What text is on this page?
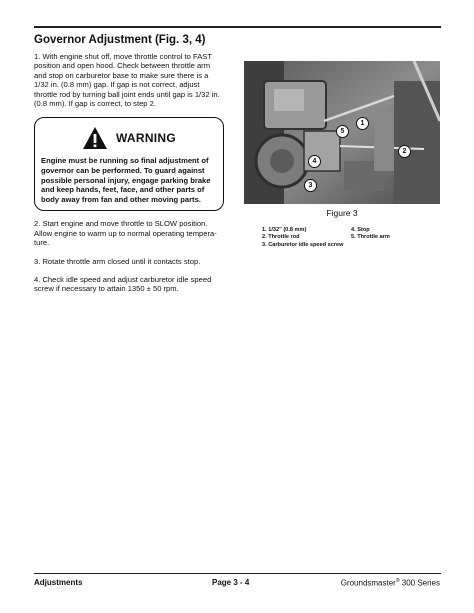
Governor Adjustment (Fig. 3, 4)

1. With engine shut off, move throttle control to FAST position and open hood. Check between throttle arm and stop on carburetor base to make sure there is a 1/32 in. (0.8 mm) gap. If gap is not correct, adjust throttle rod by turning ball joint ends until gap is 1/32 in. (0.8 mm). If gap is correct, to step 2.

WARNING
Engine must be running so final adjustment of governor can be performed. To guard against possible personal injury, engage parking brake and keep hands, feet, face, and other parts of body away from fan and other moving parts.

2. Start engine and move throttle to SLOW position. Allow engine to warm up to normal operating tempera-ture.

3. Rotate throttle arm closed until it contacts stop.

4. Check idle speed and adjust carburetor idle speed screw if necessary to attain 1350 ± 50 rpm.

1
2
3
4
5
Figure 3
1. 1/32" (0.8 mm)	4. Stop
2. Throttle rod	5. Throttle arm
3. Carburetor idle speed screw
Adjustments	Page 3 - 4	Groundsmaster® 300 Series
